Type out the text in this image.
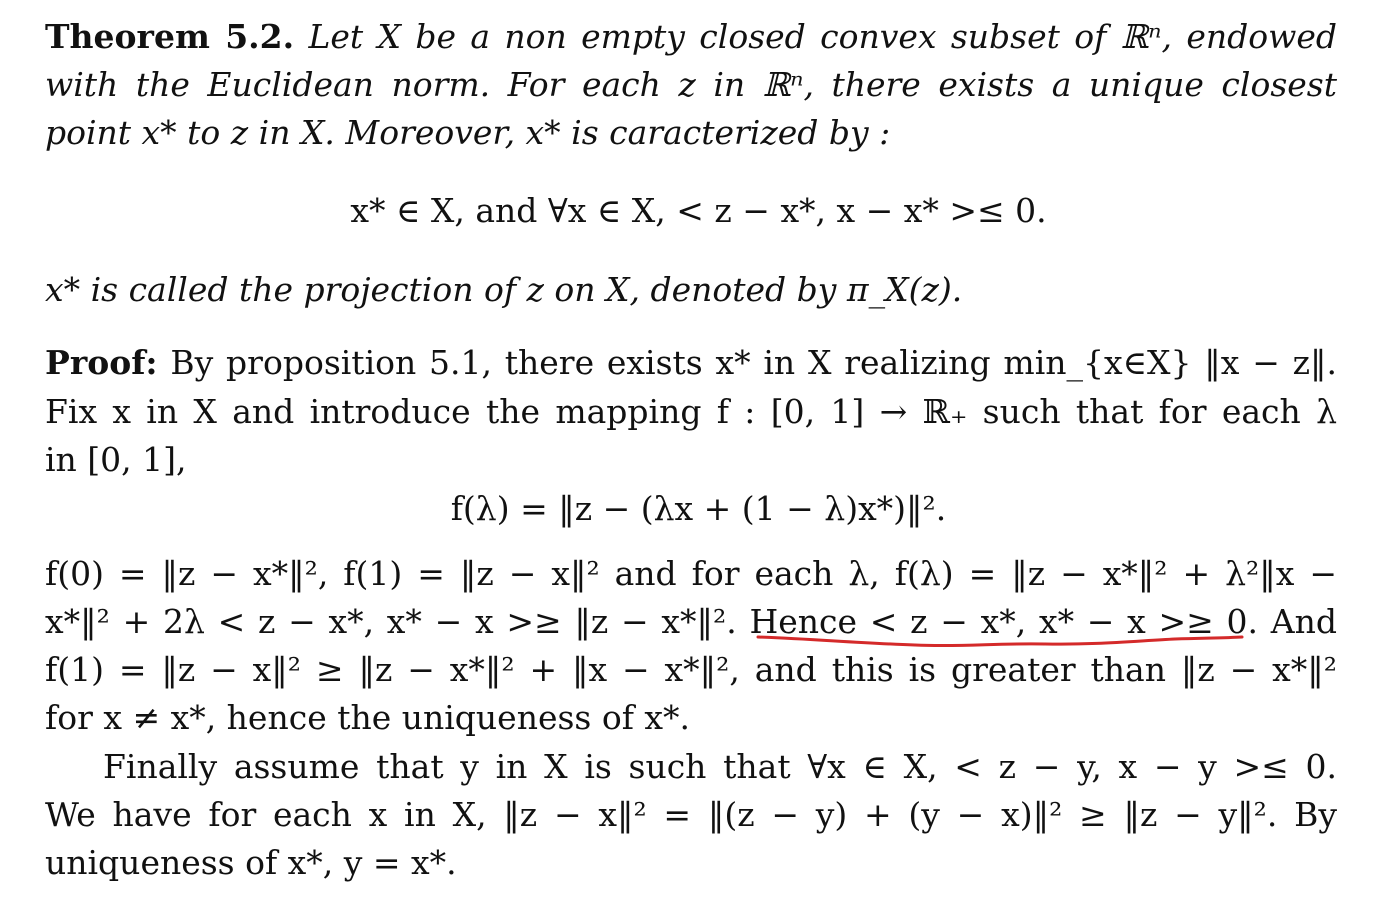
Theorem 5.2. Let X be a non empty closed convex subset of ℝⁿ, endowed
with the Euclidean norm. For each z in ℝⁿ, there exists a unique closest
point x* to z in X. Moreover, x* is caracterized by :
x* ∈ X, and ∀x ∈ X, < z − x*, x − x* >≤ 0.
x* is called the projection of z on X, denoted by π_X(z).
Proof: By proposition 5.1, there exists x* in X realizing min_{x∈X} ‖x − z‖.
Fix x in X and introduce the mapping f : [0, 1] → ℝ₊ such that for each λ
in [0, 1],
f(λ) = ‖z − (λx + (1 − λ)x*)‖².
f(0) = ‖z − x*‖², f(1) = ‖z − x‖² and for each λ, f(λ) = ‖z − x*‖² + λ²‖x −
x*‖² + 2λ < z − x*, x* − x >≥ ‖z − x*‖². Hence < z − x*, x* − x >≥ 0. And
f(1) = ‖z − x‖² ≥ ‖z − x*‖² + ‖x − x*‖², and this is greater than ‖z − x*‖²
for x ≠ x*, hence the uniqueness of x*.
Finally assume that y in X is such that ∀x ∈ X, < z − y, x − y >≤ 0.
We have for each x in X, ‖z − x‖² = ‖(z − y) + (y − x)‖² ≥ ‖z − y‖². By
uniqueness of x*, y = x*.
